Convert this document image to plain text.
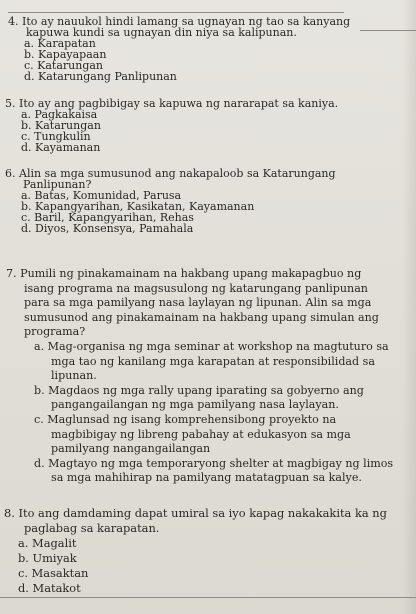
4. Ito ay nauukol hindi lamang sa ugnayan ng tao sa kanyang
kapuwa kundi sa ugnayan din niya sa kalipunan.
a. Karapatan
b. Kapayapaan
c. Katarungan
d. Katarungang Panlipunan
5. Ito ay ang pagbibigay sa kapuwa ng nararapat sa kaniya.
a. Pagkakaisa
b. Katarungan
c. Tungkulin
d. Kayamanan
6. Alin sa mga sumusunod ang nakapaloob sa Katarungang
Panlipunan?
a. Batas, Komunidad, Parusa
b. Kapangyarihan, Kasikatan, Kayamanan
c. Baril, Kapangyarihan, Rehas
d. Diyos, Konsensya, Pamahala
7. Pumili ng pinakamainam na hakbang upang makapagbuo ng
isang programa na magsusulong ng katarungang panlipunan
para sa mga pamilyang nasa laylayan ng lipunan. Alin sa mga
sumusunod ang pinakamainam na hakbang upang simulan ang
programa?
a. Mag-organisa ng mga seminar at workshop na magtuturo sa
mga tao ng kanilang mga karapatan at responsibilidad sa
lipunan.
b. Magdaos ng mga rally upang iparating sa gobyerno ang
pangangailangan ng mga pamilyang nasa laylayan.
c. Maglunsad ng isang komprehensibong proyekto na
magbibigay ng libreng pabahay at edukasyon sa mga
pamilyang nangangailangan
d. Magtayo ng mga temporaryong shelter at magbigay ng limos
sa mga mahihirap na pamilyang matatagpuan sa kalye.
8. Ito ang damdaming dapat umiral sa iyo kapag nakakakita ka ng
paglabag sa karapatan.
a. Magalit
b. Umiyak
c. Masaktan
d. Matakot
